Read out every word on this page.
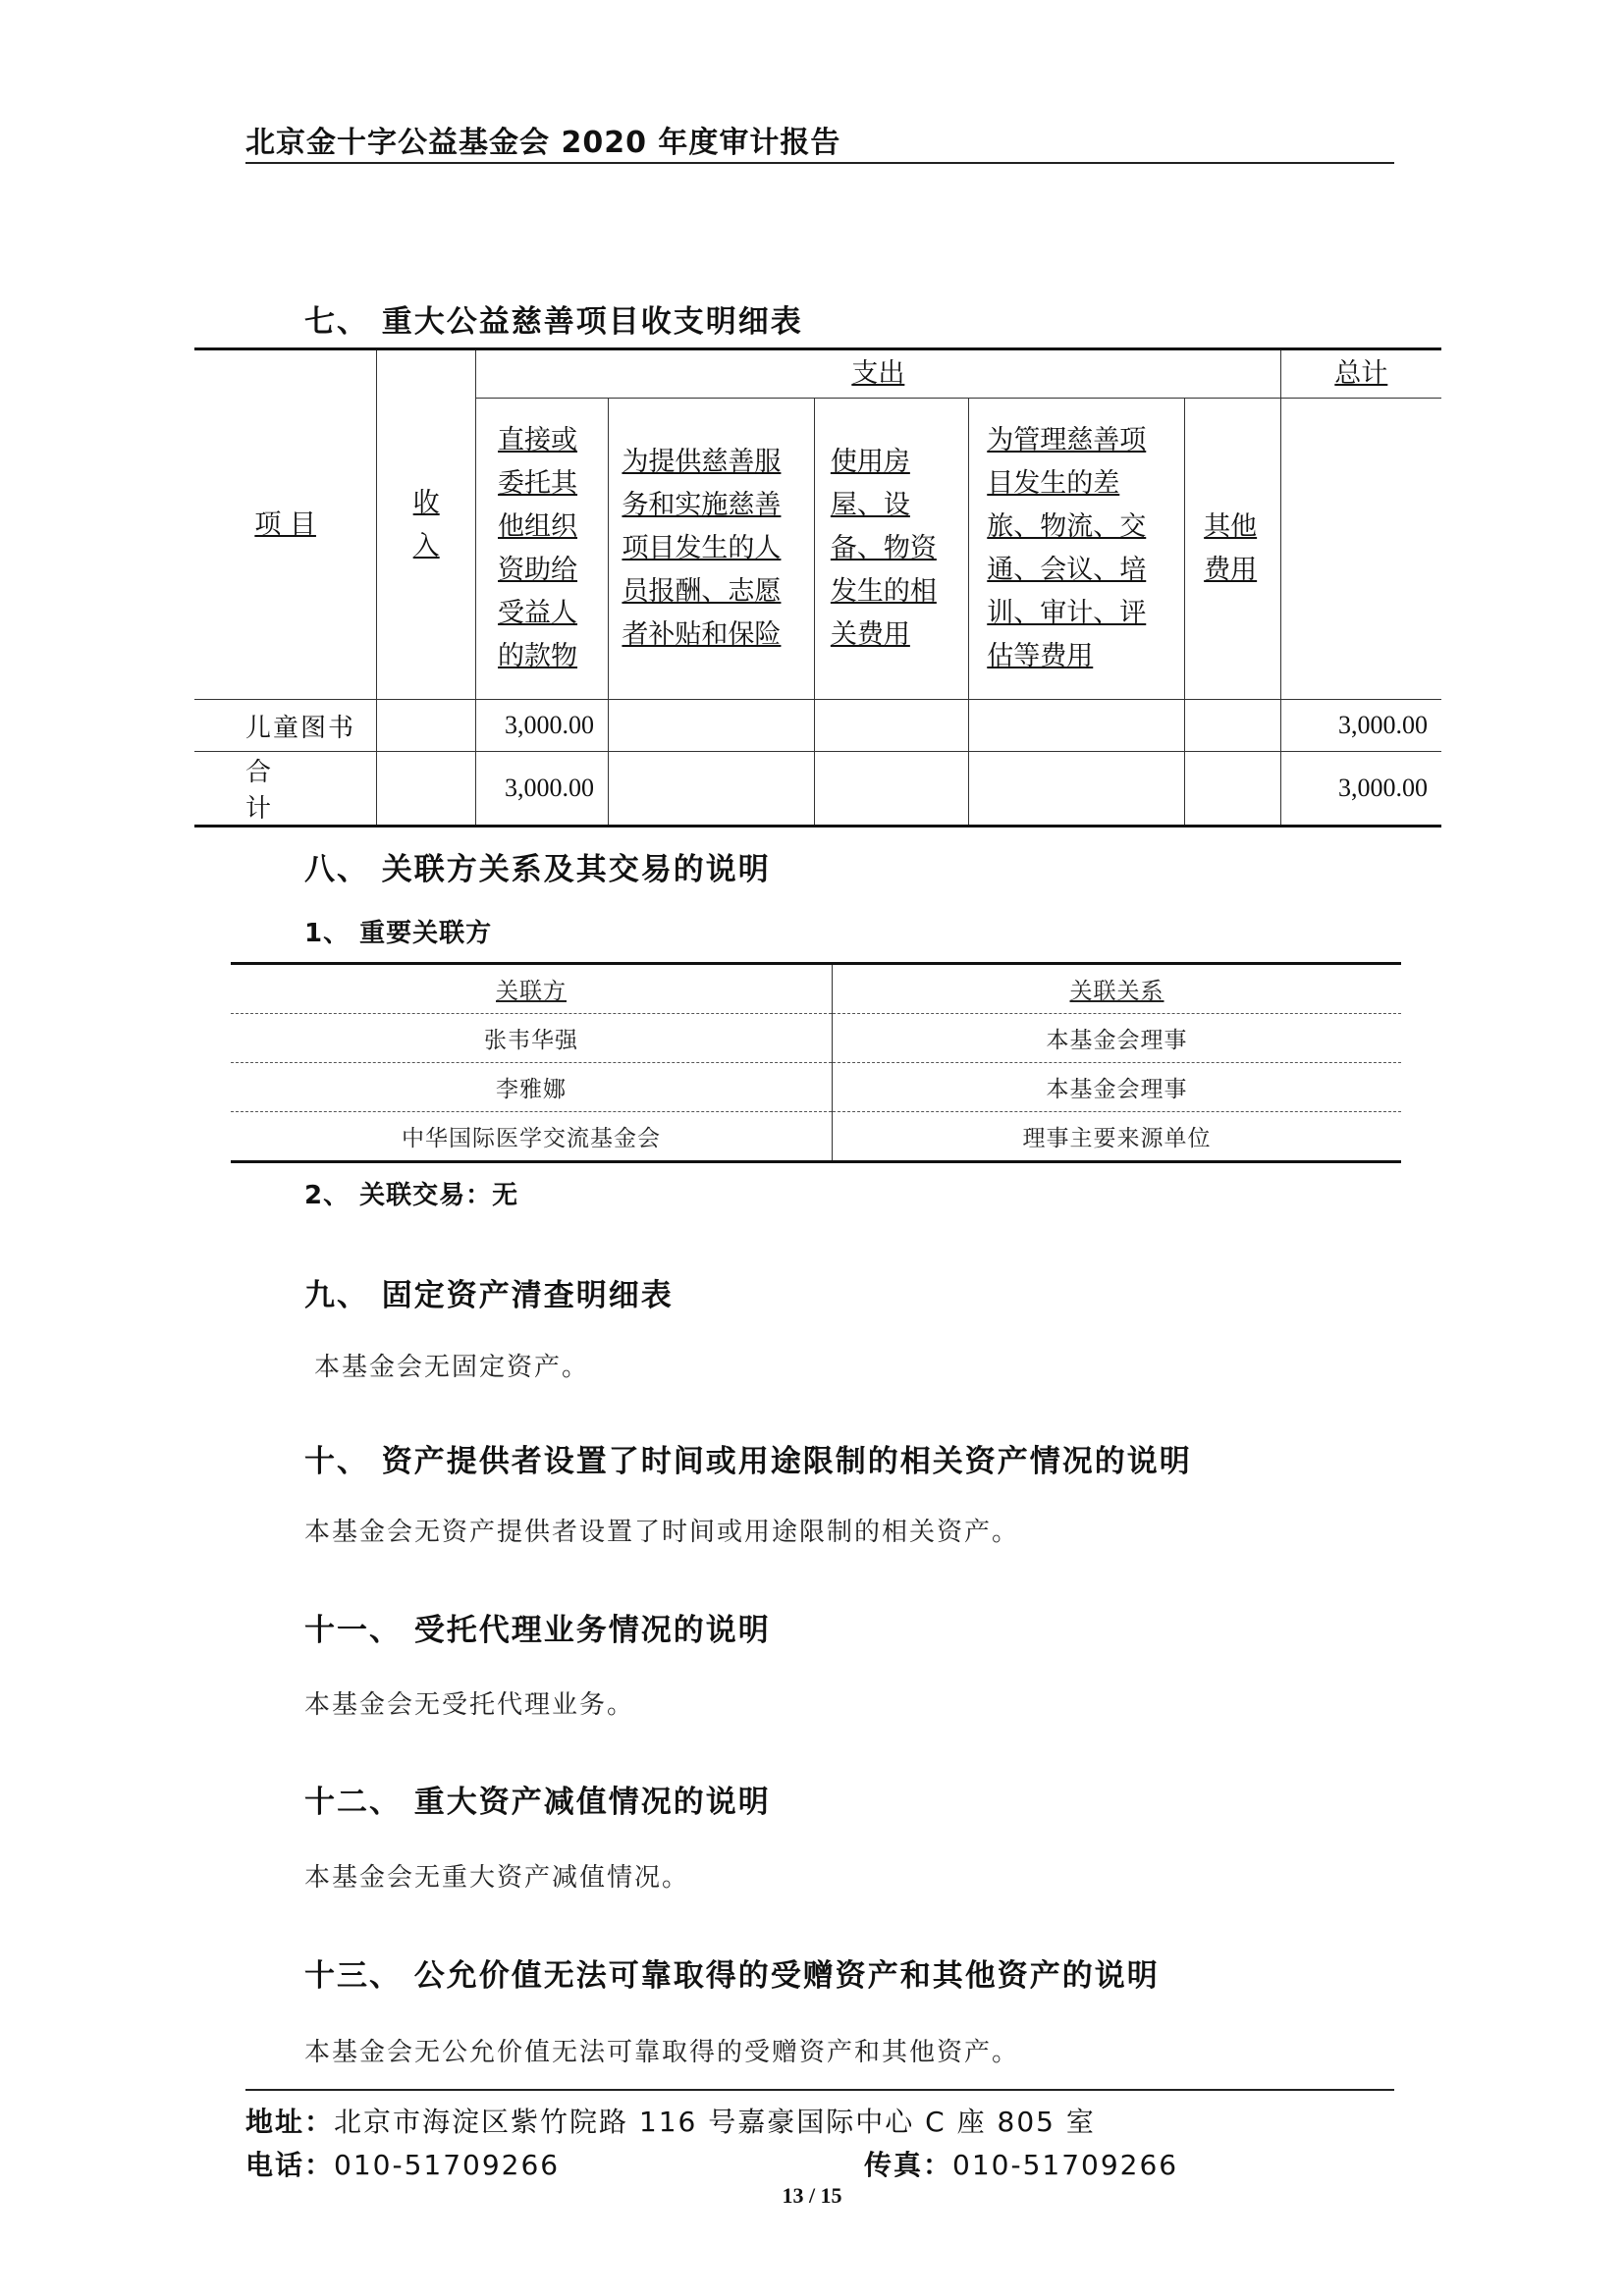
北京金十字公益基金会 2020 年度审计报告
七、 重大公益慈善项目收支明细表
项 目	收入	支出					总计
		直接或委托其他组织资助给受益人的款物	为提供慈善服务和实施慈善项目发生的人员报酬、志愿者补贴和保险	使用房屋、设备、物资发生的相关费用	为管理慈善项目发生的差旅、物流、交通、会议、培训、审计、评估等费用	其他费用	
儿童图书		3,000.00					3,000.00
合 计		3,000.00					3,000.00
八、 关联方关系及其交易的说明
1、 重要关联方
关联方	关联关系
张韦华强	本基金会理事
李雅娜	本基金会理事
中华国际医学交流基金会	理事主要来源单位
2、 关联交易：无
九、 固定资产清查明细表
本基金会无固定资产。
十、 资产提供者设置了时间或用途限制的相关资产情况的说明
本基金会无资产提供者设置了时间或用途限制的相关资产。
十一、 受托代理业务情况的说明
本基金会无受托代理业务。
十二、 重大资产减值情况的说明
本基金会无重大资产减值情况。
十三、 公允价值无法可靠取得的受赠资产和其他资产的说明
本基金会无公允价值无法可靠取得的受赠资产和其他资产。
地址：北京市海淀区紫竹院路 116 号嘉豪国际中心 C 座 805 室
电话：010-51709266	传真：010-51709266
13 / 15
